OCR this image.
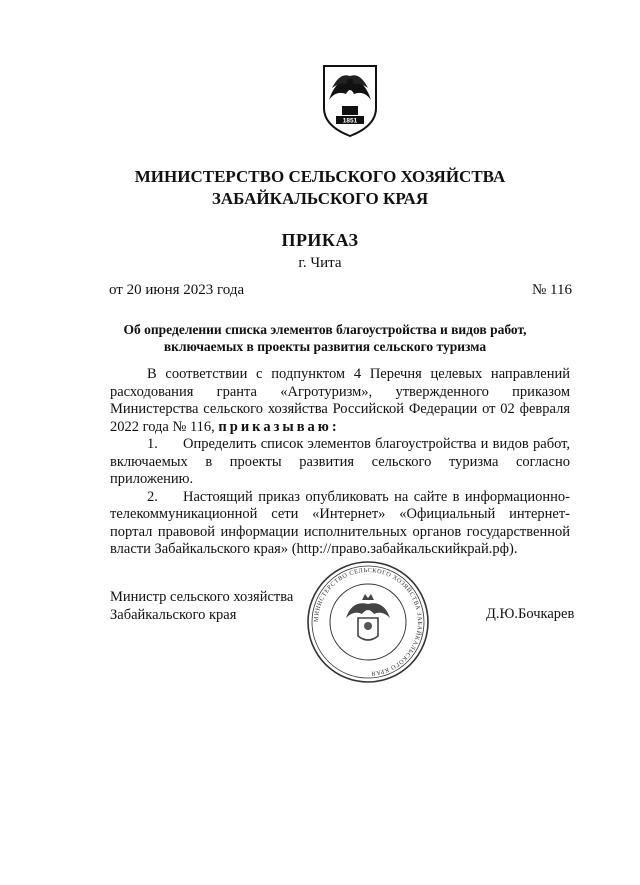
1851
МИНИСТЕРСТВО СЕЛЬСКОГО ХОЗЯЙСТВА
ЗАБАЙКАЛЬСКОГО КРАЯ
ПРИКАЗ

г. Чита

от 20 июня 2023 года	№ 116
Об определении списка элементов благоустройства и видов работ,
включаемых в проекты развития сельского туризма

В соответствии с подпунктом 4 Перечня целевых направлений расходования гранта «Агротуризм», утвержденного приказом Министерства сельского хозяйства Российской Федерации от 02 февраля 2022 года № 116, приказываю:

1. Определить список элементов благоустройства и видов работ, включаемых в проекты развития сельского туризма согласно приложению.

2. Настоящий приказ опубликовать на сайте в информационно-телекоммуникационной сети «Интернет» «Официальный интернет-портал правовой информации исполнительных органов государственной власти Забайкальского края» (http://право.забайкальскийкрай.рф).

МИНИСТЕРСТВО СЕЛЬСКОГО ХОЗЯЙСТВА ЗАБАЙКАЛЬСКОГО КРАЯ
Министр сельского хозяйства
Забайкальского края	Д.Ю.Бочкарев
